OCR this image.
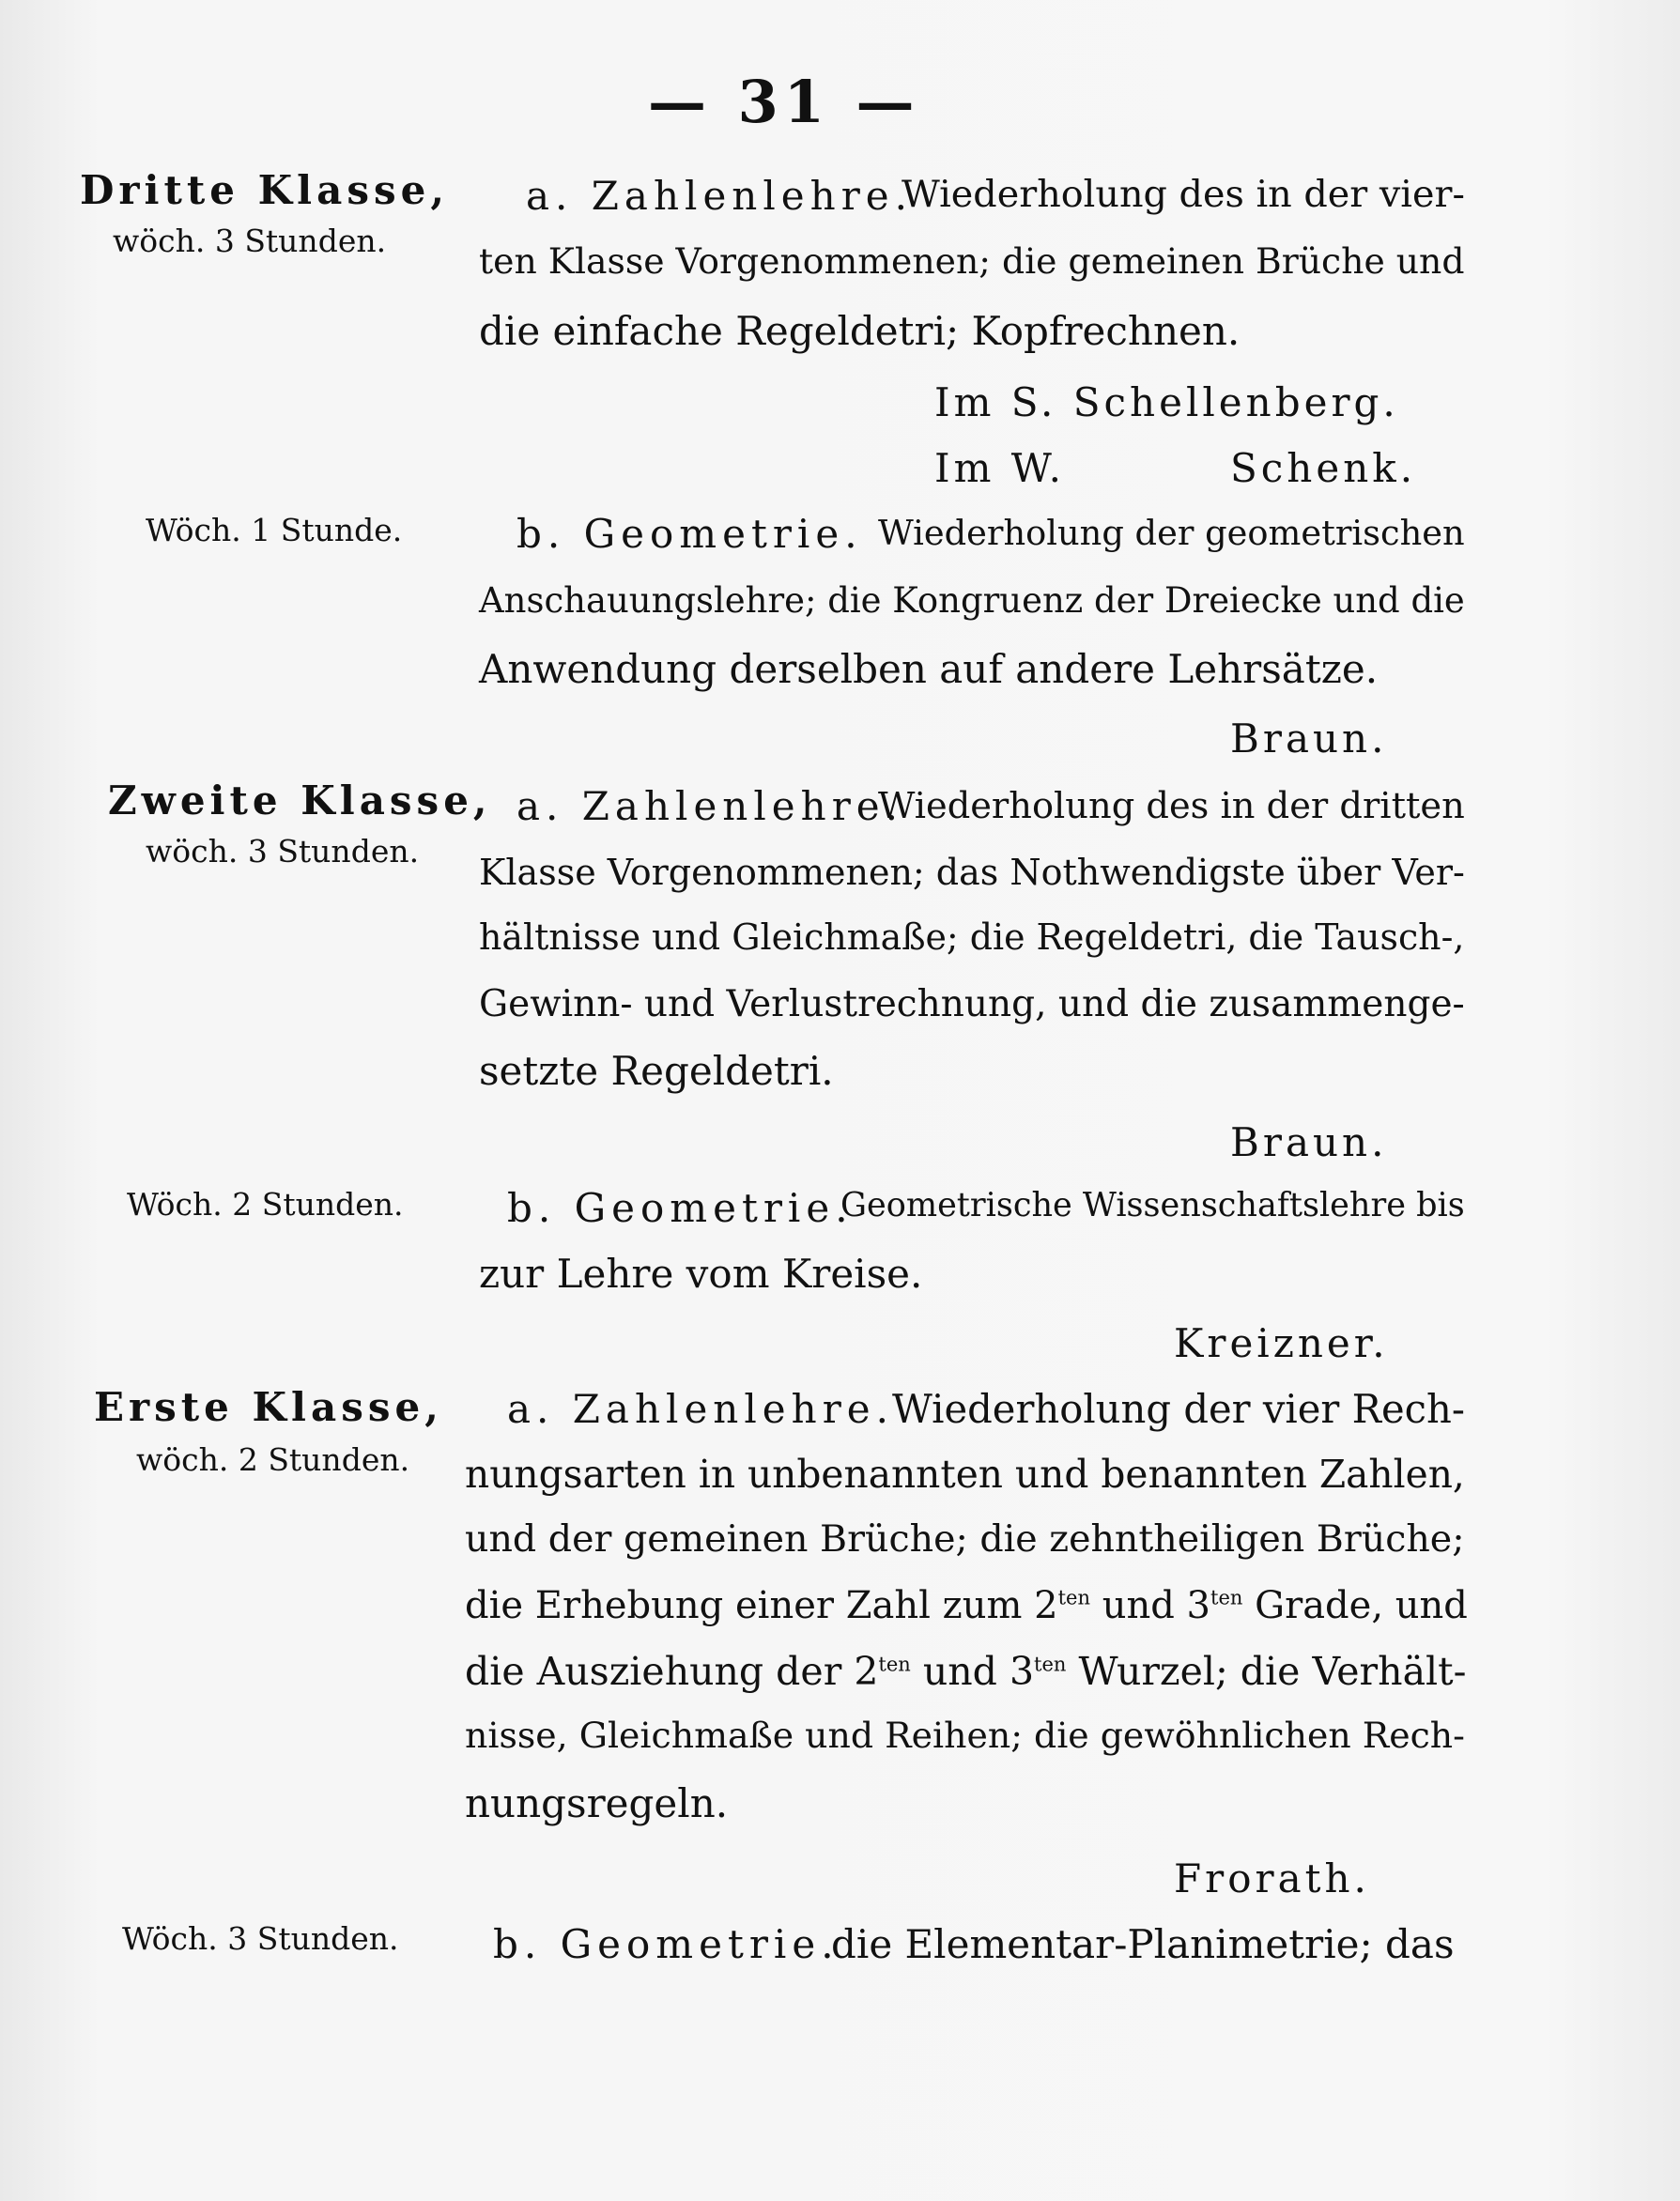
— 31 —
Dritte Klasse,
wöch. 3 Stunden.
a. Zahlenlehre.
Wiederholung des in der vier-
ten Klasse Vorgenommenen; die gemeinen Brüche und
die einfache Regeldetri; Kopfrechnen.
Im S. Schellenberg.
Im W.	Schenk.
Wöch. 1 Stunde.	b. Geometrie. Wiederholung der geometrischen
Anschauungslehre; die Kongruenz der Dreiecke und die
Anwendung derselben auf andere Lehrsätze.
Braun.
Zweite Klasse,
wöch. 3 Stunden.
a. Zahlenlehre.
Wiederholung des in der dritten
Klasse Vorgenommenen; das Nothwendigste über Ver-
hältnisse und Gleichmaße; die Regeldetri, die Tausch-,
Gewinn- und Verlustrechnung, und die zusammenge-
setzte Regeldetri.
Braun.
Wöch. 2 Stunden.	b. Geometrie.
Geometrische Wissenschaftslehre bis
zur Lehre vom Kreise.
Kreizner.
Erste Klasse,
wöch. 2 Stunden.
a. Zahlenlehre.
Wiederholung der vier Rech-
nungsarten in unbenannten und benannten Zahlen,
und der gemeinen Brüche; die zehntheiligen Brüche;
die Erhebung einer Zahl zum $2^{ten}$ und $3^{ten}$ Grade, und
die Ausziehung der $2^{ten}$ und $3^{ten}$ Wurzel; die Verhält-
nisse, Gleichmaße und Reihen; die gewöhnlichen Rech-
nungsregeln.
Frorath.
Wöch. 3 Stunden. b. Geometrie.
die Elementar-Planimetrie; das
